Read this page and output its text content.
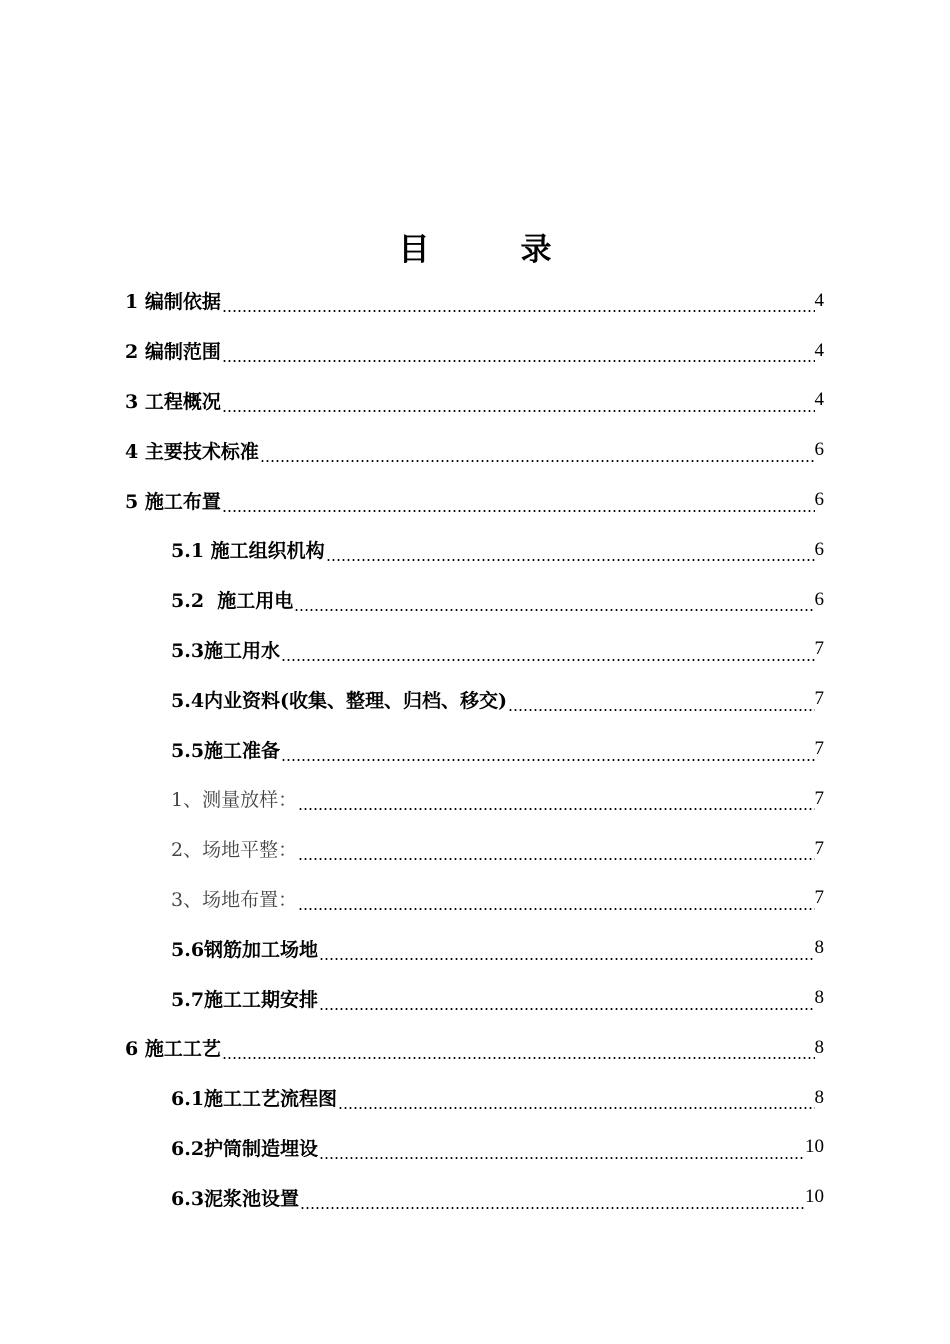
目　录
1 编制依据	4
2 编制范围	4
3 工程概况	4
4 主要技术标准	6
5 施工布置	6
5.1 施工组织机构	6
5.2  施工用电	6
5.3施工用水	7
5.4内业资料(收集、整理、归档、移交)	7
5.5施工准备	7
1、测量放样：	7
2、场地平整：	7
3、场地布置：	7
5.6钢筋加工场地	8
5.7施工工期安排	8
6 施工工艺	8
6.1施工工艺流程图	8
6.2护筒制造埋设	10
6.3泥浆池设置	10
